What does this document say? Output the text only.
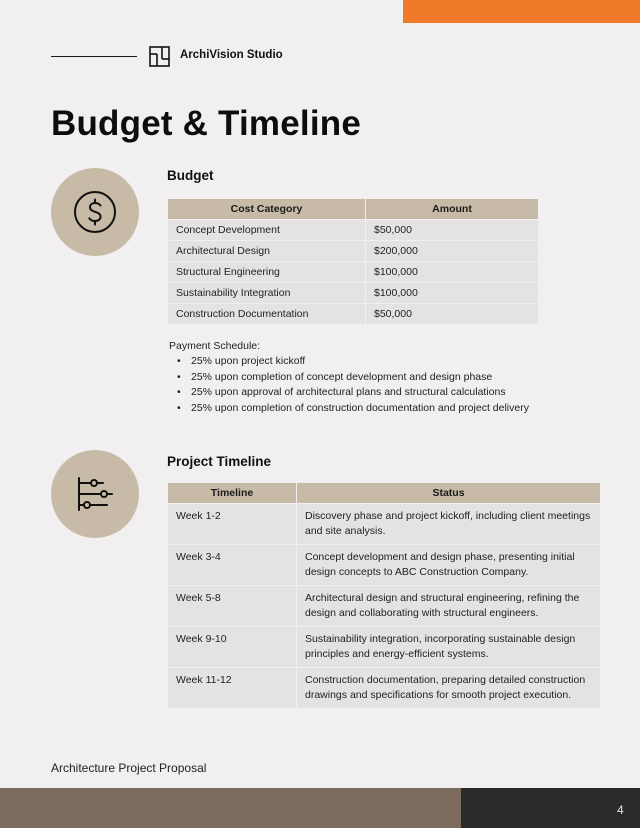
ArchiVision Studio
Budget & Timeline
Budget
Cost Category	Amount
Concept Development	$50,000
Architectural Design	$200,000
Structural Engineering	$100,000
Sustainability Integration	$100,000
Construction Documentation	$50,000
Payment Schedule:
• 25% upon project kickoff
• 25% upon completion of concept development and design phase
• 25% upon approval of architectural plans and structural calculations
• 25% upon completion of construction documentation and project delivery
Project Timeline
Timeline	Status
Week 1-2	Discovery phase and project kickoff, including client meetings and site analysis.
Week 3-4	Concept development and design phase, presenting initial design concepts to ABC Construction Company.
Week 5-8	Architectural design and structural engineering, refining the design and collaborating with structural engineers.
Week 9-10	Sustainability integration, incorporating sustainable design principles and energy-efficient systems.
Week 11-12	Construction documentation, preparing detailed construction drawings and specifications for smooth project execution.
Architecture Project Proposal
4
